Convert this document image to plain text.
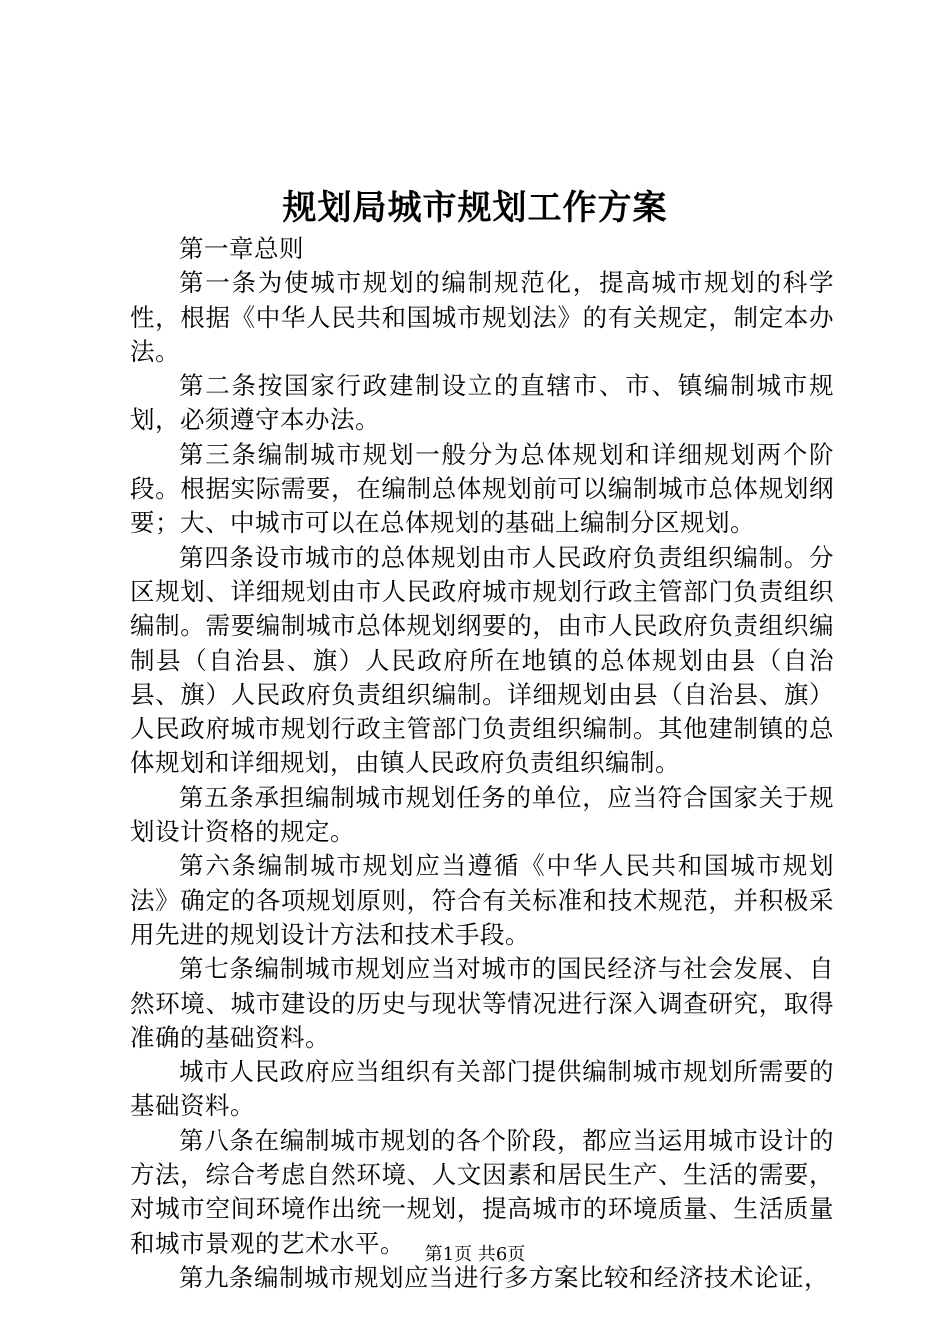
规划局城市规划工作方案

第一章总则

第一条为使城市规划的编制规范化，提高城市规划的科学性，根据《中华人民共和国城市规划法》的有关规定，制定本办法。

第二条按国家行政建制设立的直辖市、市、镇编制城市规划，必须遵守本办法。

第三条编制城市规划一般分为总体规划和详细规划两个阶段。根据实际需要，在编制总体规划前可以编制城市总体规划纲要；大、中城市可以在总体规划的基础上编制分区规划。

第四条设市城市的总体规划由市人民政府负责组织编制。分区规划、详细规划由市人民政府城市规划行政主管部门负责组织编制。需要编制城市总体规划纲要的，由市人民政府负责组织编制县（自治县、旗）人民政府所在地镇的总体规划由县（自治县、旗）人民政府负责组织编制。详细规划由县（自治县、旗）人民政府城市规划行政主管部门负责组织编制。其他建制镇的总体规划和详细规划，由镇人民政府负责组织编制。

第五条承担编制城市规划任务的单位，应当符合国家关于规划设计资格的规定。

第六条编制城市规划应当遵循《中华人民共和国城市规划法》确定的各项规划原则，符合有关标准和技术规范，并积极采用先进的规划设计方法和技术手段。

第七条编制城市规划应当对城市的国民经济与社会发展、自然环境、城市建设的历史与现状等情况进行深入调查研究，取得准确的基础资料。

城市人民政府应当组织有关部门提供编制城市规划所需要的基础资料。

第八条在编制城市规划的各个阶段，都应当运用城市设计的方法，综合考虑自然环境、人文因素和居民生产、生活的需要，对城市空间环境作出统一规划，提高城市的环境质量、生活质量和城市景观的艺术水平。

第九条编制城市规划应当进行多方案比较和经济技术论证，

第1页 共6页
